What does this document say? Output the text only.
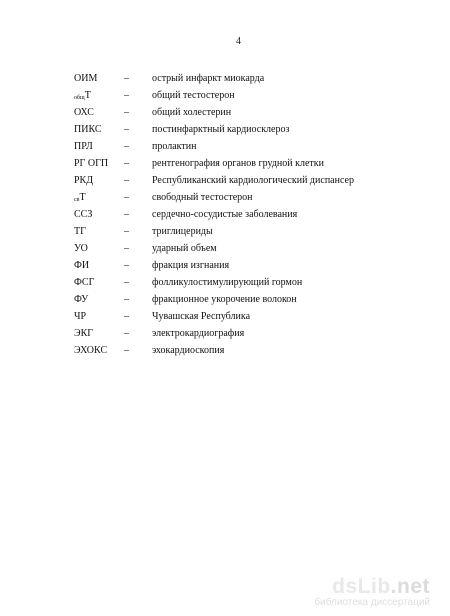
4
ОИМ	– острый инфаркт миокарда
общТ	– общий тестостерон
ОХС	– общий холестерин
ПИКС – постинфарктный кардиосклероз
ПРЛ	– пролактин
РГ ОГП – рентгенография органов грудной клетки
РКД	– Республиканский кардиологический диспансер
свТ	– свободный тестостерон
ССЗ	– сердечно-сосудистые заболевания
ТГ	– триглицериды
УО	– ударный объем
ФИ	– фракция изгнания
ФСГ	– фолликулостимулирующий гормон
ФУ	– фракционное укорочение волокон
ЧР	– Чувашская Республика
ЭКГ	– электрокардиография
ЭХОКС – эхокардиоскопия
dsLib.net
библиотека диссертаций
